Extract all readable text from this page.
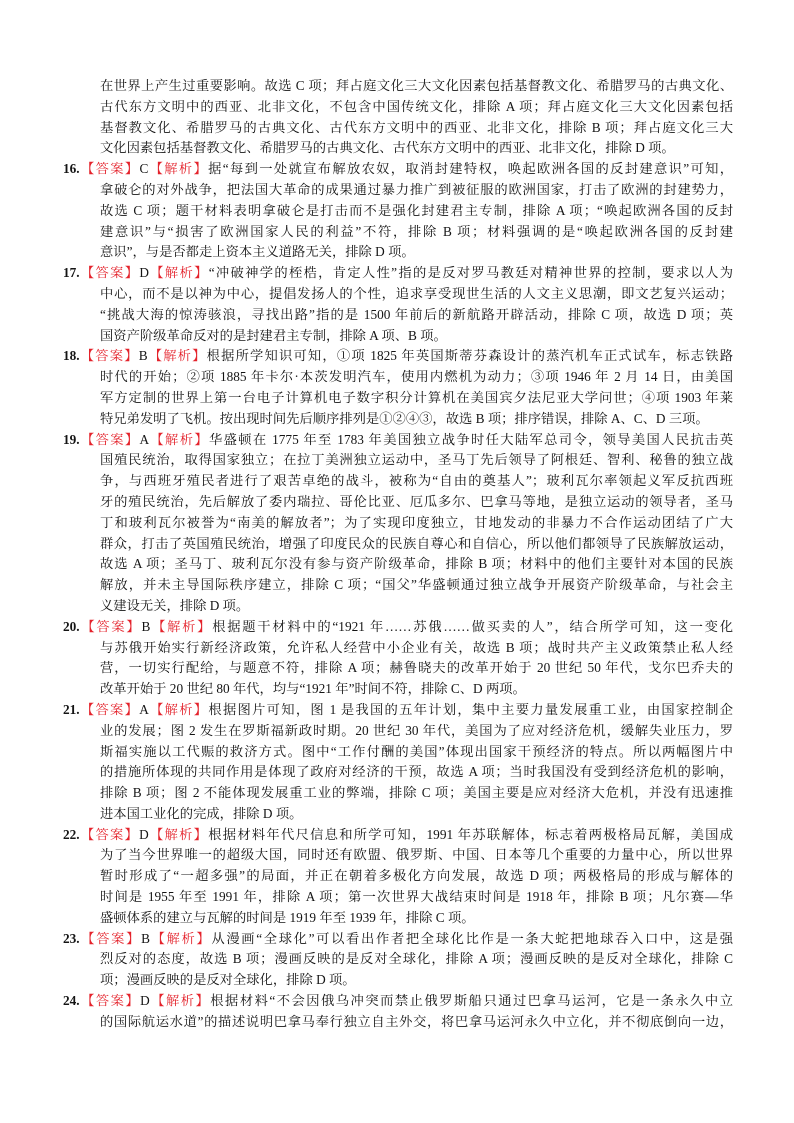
在世界上产生过重要影响。故选 C 项；拜占庭文化三大文化因素包括基督教文化、希腊罗马的古典文化、
古代东方文明中的西亚、北非文化，不包含中国传统文化，排除 A 项；拜占庭文化三大文化因素包括
基督教文化、希腊罗马的古典文化、古代东方文明中的西亚、北非文化，排除 B 项；拜占庭文化三大
文化因素包括基督教文化、希腊罗马的古典文化、古代东方文明中的西亚、北非文化，排除 D 项。
16.【答案】C【解析】据“每到一处就宣布解放农奴，取消封建特权，唤起欧洲各国的反封建意识”可知，
拿破仑的对外战争，把法国大革命的成果通过暴力推广到被征服的欧洲国家，打击了欧洲的封建势力，
故选 C 项；题干材料表明拿破仑是打击而不是强化封建君主专制，排除 A 项；“唤起欧洲各国的反封
建意识”与“损害了欧洲国家人民的利益”不符，排除 B 项；材料强调的是“唤起欧洲各国的反封建
意识”，与是否都走上资本主义道路无关，排除 D 项。
17.【答案】D【解析】“冲破神学的桎梏，肯定人性”指的是反对罗马教廷对精神世界的控制，要求以人为
中心，而不是以神为中心，提倡发扬人的个性，追求享受现世生活的人文主义思潮，即文艺复兴运动；
“挑战大海的惊涛骇浪，寻找出路”指的是 1500 年前后的新航路开辟活动，排除 C 项，故选 D 项；英
国资产阶级革命反对的是封建君主专制，排除 A 项、B 项。
18.【答案】B【解析】根据所学知识可知，①项 1825 年英国斯蒂芬森设计的蒸汽机车正式试车，标志铁路
时代的开始；②项 1885 年卡尔·本茨发明汽车，使用内燃机为动力；③项 1946 年 2 月 14 日，由美国
军方定制的世界上第一台电子计算机电子数字积分计算机在美国宾夕法尼亚大学问世；④项 1903 年莱
特兄弟发明了飞机。按出现时间先后顺序排列是①②④③，故选 B 项；排序错误，排除 A、C、D 三项。
19.【答案】A【解析】华盛顿在 1775 年至 1783 年美国独立战争时任大陆军总司令，领导美国人民抗击英
国殖民统治，取得国家独立；在拉丁美洲独立运动中，圣马丁先后领导了阿根廷、智利、秘鲁的独立战
争，与西班牙殖民者进行了艰苦卓绝的战斗，被称为“自由的奠基人”；玻利瓦尔率领起义军反抗西班
牙的殖民统治，先后解放了委内瑞拉、哥伦比亚、厄瓜多尔、巴拿马等地，是独立运动的领导者，圣马
丁和玻利瓦尔被誉为“南美的解放者”；为了实现印度独立，甘地发动的非暴力不合作运动团结了广大
群众，打击了英国殖民统治，增强了印度民众的民族自尊心和自信心，所以他们都领导了民族解放运动，
故选 A 项；圣马丁、玻利瓦尔没有参与资产阶级革命，排除 B 项；材料中的他们主要针对本国的民族
解放，并未主导国际秩序建立，排除 C 项；“国父”华盛顿通过独立战争开展资产阶级革命，与社会主
义建设无关，排除 D 项。
20.【答案】B【解析】根据题干材料中的“1921 年……苏俄……做买卖的人”，结合所学可知，这一变化
与苏俄开始实行新经济政策，允许私人经营中小企业有关，故选 B 项；战时共产主义政策禁止私人经
营，一切实行配给，与题意不符，排除 A 项；赫鲁晓夫的改革开始于 20 世纪 50 年代，戈尔巴乔夫的
改革开始于 20 世纪 80 年代，均与“1921 年”时间不符，排除 C、D 两项。
21.【答案】A【解析】根据图片可知，图 1 是我国的五年计划，集中主要力量发展重工业，由国家控制企
业的发展；图 2 发生在罗斯福新政时期。20 世纪 30 年代，美国为了应对经济危机，缓解失业压力，罗
斯福实施以工代赈的救济方式。图中“工作付酬的美国”体现出国家干预经济的特点。所以两幅图片中
的措施所体现的共同作用是体现了政府对经济的干预，故选 A 项；当时我国没有受到经济危机的影响，
排除 B 项；图 2 不能体现发展重工业的弊端，排除 C 项；美国主要是应对经济大危机，并没有迅速推
进本国工业化的完成，排除 D 项。
22.【答案】D【解析】根据材料年代尺信息和所学可知，1991 年苏联解体，标志着两极格局瓦解，美国成
为了当今世界唯一的超级大国，同时还有欧盟、俄罗斯、中国、日本等几个重要的力量中心，所以世界
暂时形成了“一超多强”的局面，并正在朝着多极化方向发展，故选 D 项；两极格局的形成与解体的
时间是 1955 年至 1991 年，排除 A 项；第一次世界大战结束时间是 1918 年，排除 B 项；凡尔赛—华
盛顿体系的建立与瓦解的时间是 1919 年至 1939 年，排除 C 项。
23.【答案】B【解析】从漫画“全球化”可以看出作者把全球化比作是一条大蛇把地球吞入口中，这是强
烈反对的态度，故选 B 项；漫画反映的是反对全球化，排除 A 项；漫画反映的是反对全球化，排除 C
项；漫画反映的是反对全球化，排除 D 项。
24.【答案】D【解析】根据材料“不会因俄乌冲突而禁止俄罗斯船只通过巴拿马运河，它是一条永久中立
的国际航运水道”的描述说明巴拿马奉行独立自主外交，将巴拿马运河永久中立化，并不彻底倒向一边，
